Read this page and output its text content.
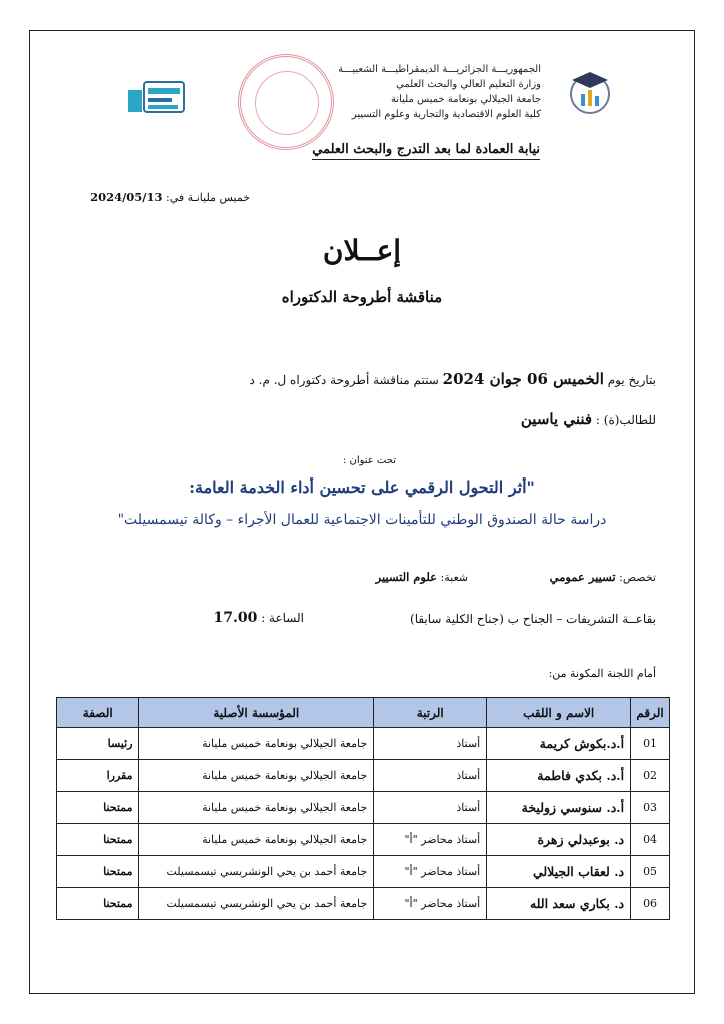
الجمهوريـــة الجزائريـــة الديمقراطيـــة الشعبيـــة
وزارة التعليم العالي والبحث العلمي
جامعة الجيلالي بونعامة خميس مليانة
كلية العلوم الاقتصادية والتجارية وعلوم التسيير
نيابة العمادة لما بعد التدرج والبحث العلمي
خميس مليانـة في: 2024/05/13
إعــلان
مناقشة أطروحة الدكتوراه
بتاريخ يوم الخميس 06 جوان 2024 ستتم مناقشة أطروحة دكتوراه ل. م. د
للطالب(ة) : فنني ياسين
تحت عنوان :
"أثر التحول الرقمي على تحسين أداء الخدمة العامة:
دراسة حالة الصندوق الوطني للتأمينات الاجتماعية للعمال الأجراء – وكالة تيسمسيلت"
تخصص: تسيير عمومي
شعبة: علوم التسيير
بقاعــة التشريفات – الجناح ب (جناح الكلية سابقا)
الساعة : 17.00
أمام اللجنة المكونة من:
الرقم	الاسم و اللقب	الرتبة	المؤسسة الأصلية	الصفة
01	أ.د.بكوش كريمة	أستاذ	جامعة الجيلالي بونعامة خميس مليانة	رئيسا
02	أ.د. بكدي فاطمة	أستاذ	جامعة الجيلالي بونعامة خميس مليانة	مقررا
03	أ.د. سنوسي زوليخة	أستاذ	جامعة الجيلالي بونعامة خميس مليانة	ممتحنا
04	د. بوعبدلي زهرة	أستاذ محاضر "أ"	جامعة الجيلالي بونعامة خميس مليانة	ممتحنا
05	د. لعقاب الجيلالي	أستاذ محاضر "أ"	جامعة أحمد بن يحي الونشريسي تيسمسيلت	ممتحنا
06	د. بكاري سعد الله	أستاذ محاضر "أ"	جامعة أحمد بن يحي الونشريسي تيسمسيلت	ممتحنا
